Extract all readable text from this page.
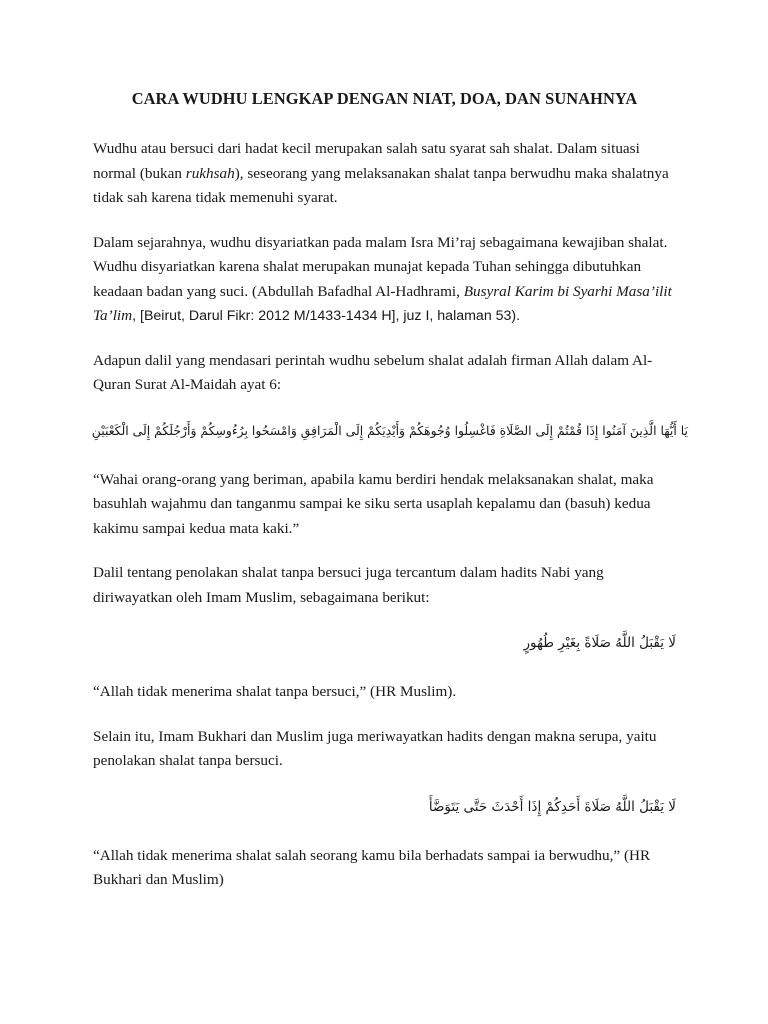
CARA WUDHU LENGKAP DENGAN NIAT, DOA, DAN SUNAHNYA

Wudhu atau bersuci dari hadat kecil merupakan salah satu syarat sah shalat. Dalam situasi normal (bukan rukhsah), seseorang yang melaksanakan shalat tanpa berwudhu maka shalatnya tidak sah karena tidak memenuhi syarat.

Dalam sejarahnya, wudhu disyariatkan pada malam Isra Mi’raj sebagaimana kewajiban shalat. Wudhu disyariatkan karena shalat merupakan munajat kepada Tuhan sehingga dibutuhkan keadaan badan yang suci. (Abdullah Bafadhal Al-Hadhrami, Busyral Karim bi Syarhi Masa’ilit Ta’lim, [Beirut, Darul Fikr: 2012 M/1433-1434 H], juz I, halaman 53).

Adapun dalil yang mendasari perintah wudhu sebelum shalat adalah firman Allah dalam Al-Quran Surat Al-Maidah ayat 6:

يَا أَيُّهَا الَّذِينَ آمَنُوا إِذَا قُمْتُمْ إِلَى الصَّلَاةِ فَاغْسِلُوا وُجُوهَكُمْ وَأَيْدِيَكُمْ إِلَى الْمَرَافِقِ وَامْسَحُوا بِرُءُوسِكُمْ وَأَرْجُلَكُمْ إِلَى الْكَعْبَيْنِ

“Wahai orang-orang yang beriman, apabila kamu berdiri hendak melaksanakan shalat, maka basuhlah wajahmu dan tanganmu sampai ke siku serta usaplah kepalamu dan (basuh) kedua kakimu sampai kedua mata kaki.”

Dalil tentang penolakan shalat tanpa bersuci juga tercantum dalam hadits Nabi yang diriwayatkan oleh Imam Muslim, sebagaimana berikut:

لَا يَقْبَلُ اللَّهُ صَلَاةً بِغَيْرِ طُهُورٍ

“Allah tidak menerima shalat tanpa bersuci,” (HR Muslim).

Selain itu, Imam Bukhari dan Muslim juga meriwayatkan hadits dengan makna serupa, yaitu penolakan shalat tanpa bersuci.

لَا يَقْبَلُ اللَّهُ صَلَاةَ أَحَدِكُمْ إِذَا أَحْدَثَ حَتَّى يَتَوَضَّأَ

“Allah tidak menerima shalat salah seorang kamu bila berhadats sampai ia berwudhu,” (HR Bukhari dan Muslim)
